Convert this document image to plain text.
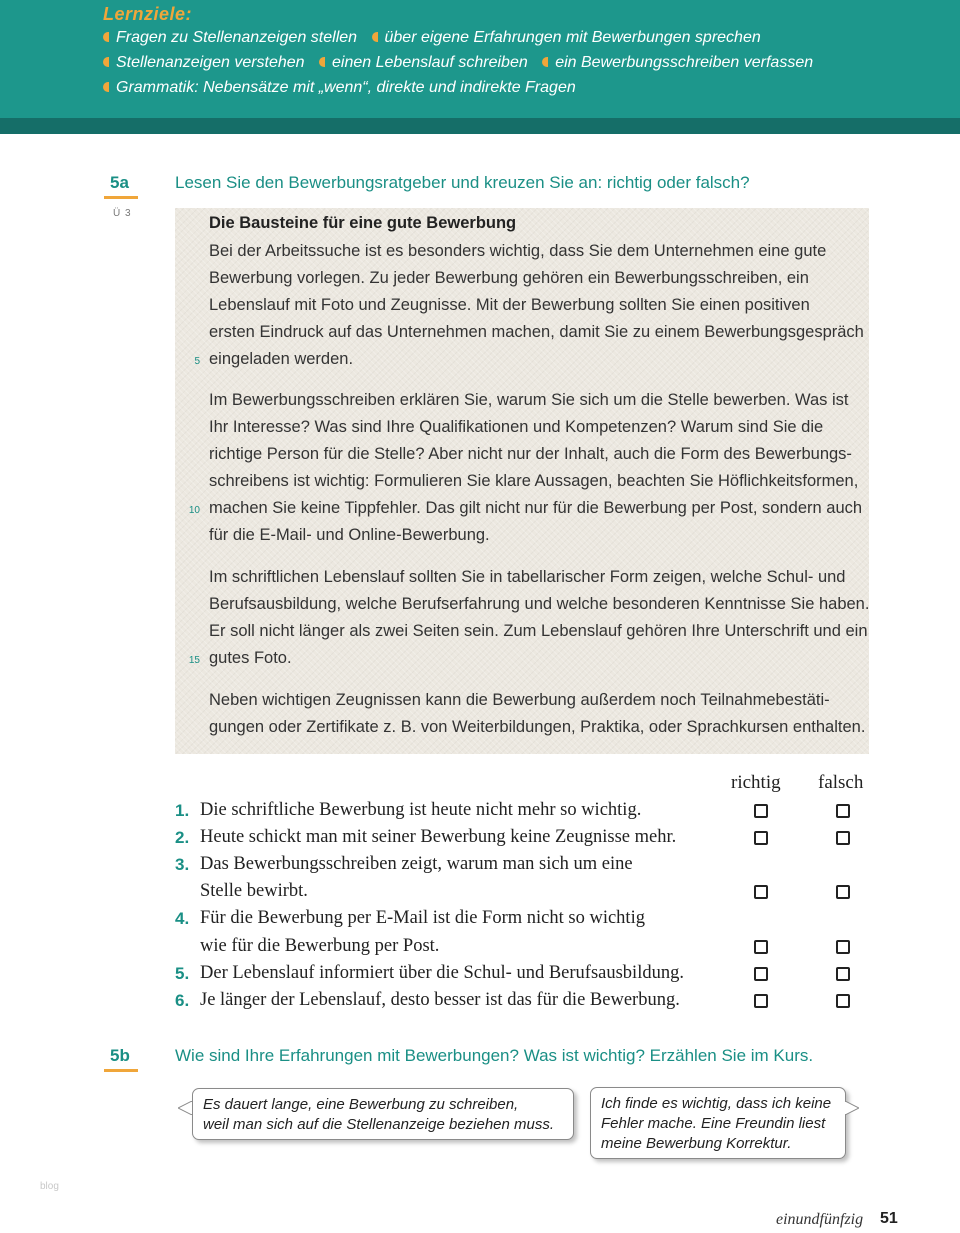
Lernziele:
Fragen zu Stellenanzeigen stellen über eigene Erfahrungen mit Bewerbungen sprechen
Stellenanzeigen verstehen einen Lebenslauf schreiben ein Bewerbungsschreiben verfassen
Grammatik: Nebensätze mit „wenn“, direkte und indirekte Fragen
5a	Lesen Sie den Bewerbungsratgeber und kreuzen Sie an: richtig oder falsch?
Ü 3
Die Bausteine für eine gute Bewerbung
Bei der Arbeitssuche ist es besonders wichtig, dass Sie dem Unternehmen eine gute
Bewerbung vorlegen. Zu jeder Bewerbung gehören ein Bewerbungsschreiben, ein
Lebenslauf mit Foto und Zeugnisse. Mit der Bewerbung sollten Sie einen positiven
ersten Eindruck auf das Unternehmen machen, damit Sie zu einem Bewerbungsgespräch
eingeladen werden.
Im Bewerbungsschreiben erklären Sie, warum Sie sich um die Stelle bewerben. Was ist
Ihr Interesse? Was sind Ihre Qualifikationen und Kompetenzen? Warum sind Sie die
richtige Person für die Stelle? Aber nicht nur der Inhalt, auch die Form des Bewerbungs-
schreibens ist wichtig: Formulieren Sie klare Aussagen, beachten Sie Höflichkeitsformen,
machen Sie keine Tippfehler. Das gilt nicht nur für die Bewerbung per Post, sondern auch
für die E-Mail- und Online-Bewerbung.
Im schriftlichen Lebenslauf sollten Sie in tabellarischer Form zeigen, welche Schul- und
Berufsausbildung, welche Berufserfahrung und welche besonderen Kenntnisse Sie haben.
Er soll nicht länger als zwei Seiten sein. Zum Lebenslauf gehören Ihre Unterschrift und ein
gutes Foto.
Neben wichtigen Zeugnissen kann die Bewerbung außerdem noch Teilnahmebestäti-
gungen oder Zertifikate z. B. von Weiterbildungen, Praktika, oder Sprachkursen enthalten.
5
10
15
richtig falsch
1. Die schriftliche Bewerbung ist heute nicht mehr so wichtig.
2. Heute schickt man mit seiner Bewerbung keine Zeugnisse mehr.
3. Das Bewerbungsschreiben zeigt, warum man sich um eine
Stelle bewirbt.
4. Für die Bewerbung per E-Mail ist die Form nicht so wichtig
wie für die Bewerbung per Post.
5. Der Lebenslauf informiert über die Schul- und Berufsausbildung.
6. Je länger der Lebenslauf, desto besser ist das für die Bewerbung.
5b	Wie sind Ihre Erfahrungen mit Bewerbungen? Was ist wichtig? Erzählen Sie im Kurs.
Es dauert lange, eine Bewerbung zu schreiben,
weil man sich auf die Stellenanzeige beziehen muss.
Ich finde es wichtig, dass ich keine
Fehler mache. Eine Freundin liest
meine Bewerbung Korrektur.
blog
einundfünfzig 51
